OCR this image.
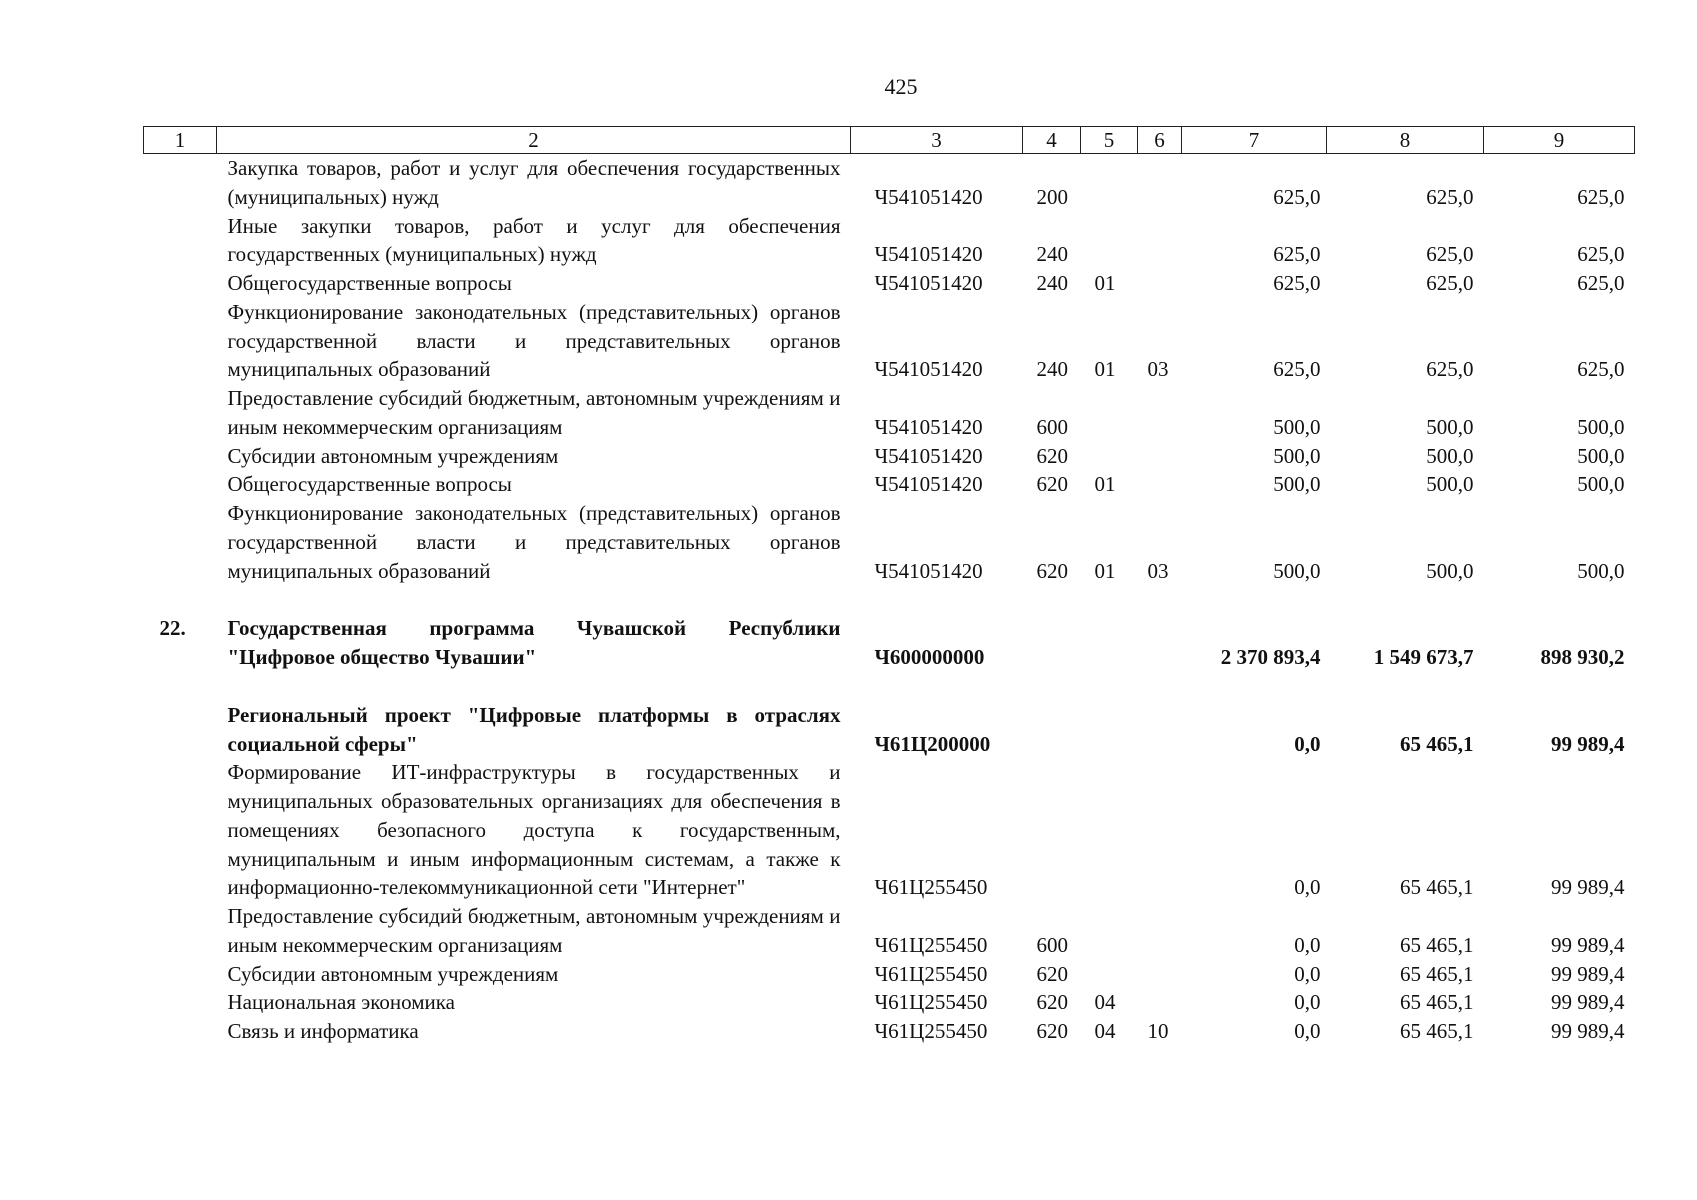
425
1	2	3	4	5	6	7	8	9
	Закупка товаров, работ и услуг для обеспечения государственных (муниципальных) нужд	Ч541051420	200			625,0	625,0	625,0
	Иные закупки товаров, работ и услуг для обеспечения государственных (муниципальных) нужд	Ч541051420	240			625,0	625,0	625,0
	Общегосударственные вопросы	Ч541051420	240	01		625,0	625,0	625,0
	Функционирование законодательных (представительных) органов государственной власти и представительных органов муниципальных образований	Ч541051420	240	01	03	625,0	625,0	625,0
	Предоставление субсидий бюджетным, автономным учреждениям и иным некоммерческим организациям	Ч541051420	600			500,0	500,0	500,0
	Субсидии автономным учреждениям	Ч541051420	620			500,0	500,0	500,0
	Общегосударственные вопросы	Ч541051420	620	01		500,0	500,0	500,0
	Функционирование законодательных (представительных) органов государственной власти и представительных органов муниципальных образований	Ч541051420	620	01	03	500,0	500,0	500,0

22.	Государственная программа Чувашской Республики "Цифровое общество Чувашии"	Ч600000000				2 370 893,4	1 549 673,7	898 930,2

	Региональный проект "Цифровые платформы в отраслях социальной сферы"	Ч61Ц200000				0,0	65 465,1	99 989,4
	Формирование ИТ-инфраструктуры в государственных и муниципальных образовательных организациях для обеспечения в помещениях безопасного доступа к государственным, муниципальным и иным информационным системам, а также к информационно-телекоммуникационной сети "Интернет"	Ч61Ц255450				0,0	65 465,1	99 989,4
	Предоставление субсидий бюджетным, автономным учреждениям и иным некоммерческим организациям	Ч61Ц255450	600			0,0	65 465,1	99 989,4
	Субсидии автономным учреждениям	Ч61Ц255450	620			0,0	65 465,1	99 989,4
	Национальная экономика	Ч61Ц255450	620	04		0,0	65 465,1	99 989,4
	Связь и информатика	Ч61Ц255450	620	04	10	0,0	65 465,1	99 989,4
